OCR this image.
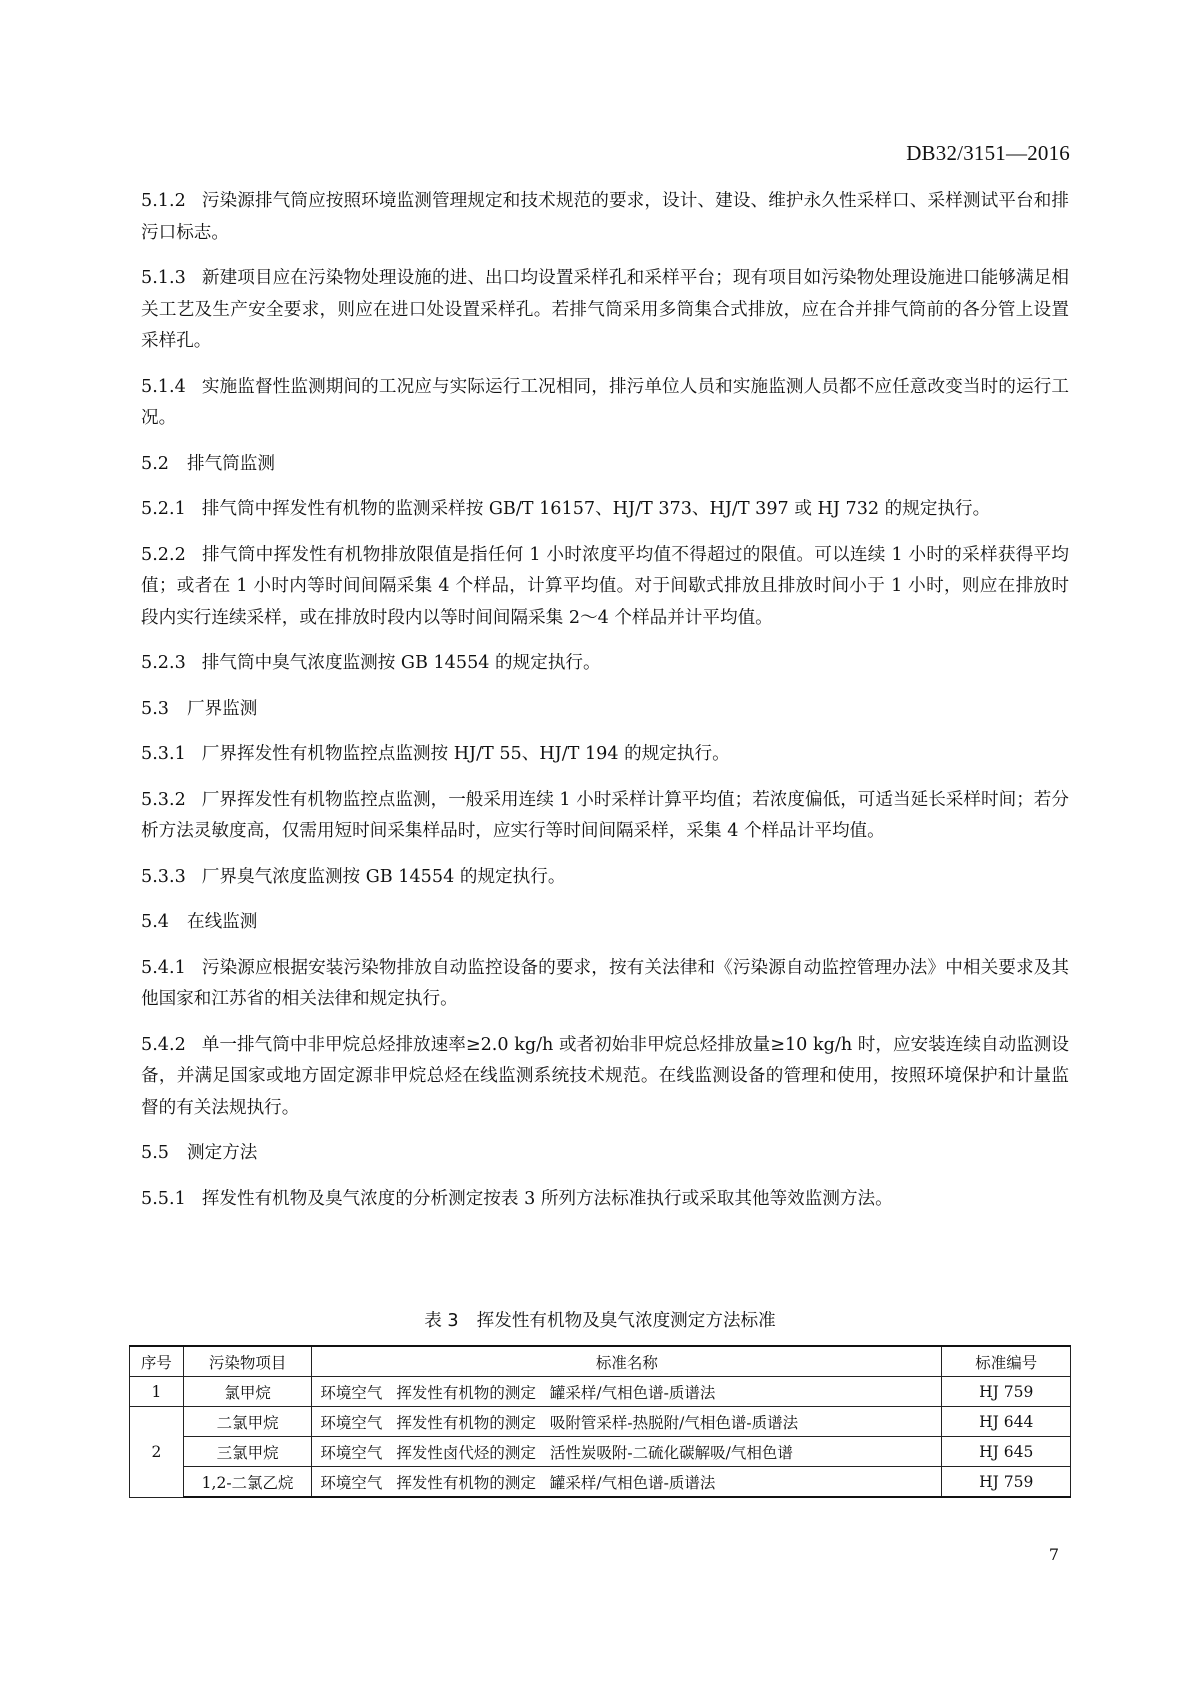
DB32/3151—2016

5.1.2 污染源排气筒应按照环境监测管理规定和技术规范的要求，设计、建设、维护永久性采样口、采样测试平台和排污口标志。

5.1.3 新建项目应在污染物处理设施的进、出口均设置采样孔和采样平台；现有项目如污染物处理设施进口能够满足相关工艺及生产安全要求，则应在进口处设置采样孔。若排气筒采用多筒集合式排放，应在合并排气筒前的各分管上设置采样孔。

5.1.4 实施监督性监测期间的工况应与实际运行工况相同，排污单位人员和实施监测人员都不应任意改变当时的运行工况。

5.2 排气筒监测

5.2.1 排气筒中挥发性有机物的监测采样按 GB/T 16157、HJ/T 373、HJ/T 397 或 HJ 732 的规定执行。

5.2.2 排气筒中挥发性有机物排放限值是指任何 1 小时浓度平均值不得超过的限值。可以连续 1 小时的采样获得平均值；或者在 1 小时内等时间间隔采集 4 个样品，计算平均值。对于间歇式排放且排放时间小于 1 小时，则应在排放时段内实行连续采样，或在排放时段内以等时间间隔采集 2～4 个样品并计平均值。

5.2.3 排气筒中臭气浓度监测按 GB 14554 的规定执行。

5.3 厂界监测

5.3.1 厂界挥发性有机物监控点监测按 HJ/T 55、HJ/T 194 的规定执行。

5.3.2 厂界挥发性有机物监控点监测，一般采用连续 1 小时采样计算平均值；若浓度偏低，可适当延长采样时间；若分析方法灵敏度高，仅需用短时间采集样品时，应实行等时间间隔采样，采集 4 个样品计平均值。

5.3.3 厂界臭气浓度监测按 GB 14554 的规定执行。

5.4 在线监测

5.4.1 污染源应根据安装污染物排放自动监控设备的要求，按有关法律和《污染源自动监控管理办法》中相关要求及其他国家和江苏省的相关法律和规定执行。

5.4.2 单一排气筒中非甲烷总烃排放速率≥2.0 kg/h 或者初始非甲烷总烃排放量≥10 kg/h 时，应安装连续自动监测设备，并满足国家或地方固定源非甲烷总烃在线监测系统技术规范。在线监测设备的管理和使用，按照环境保护和计量监督的有关法规执行。

5.5 测定方法

5.5.1 挥发性有机物及臭气浓度的分析测定按表 3 所列方法标准执行或采取其他等效监测方法。

表 3 挥发性有机物及臭气浓度测定方法标准
序号	污染物项目	标准名称	标准编号
1	氯甲烷	环境空气 挥发性有机物的测定 罐采样/气相色谱-质谱法	HJ 759
2	二氯甲烷	环境空气 挥发性有机物的测定 吸附管采样-热脱附/气相色谱-质谱法	HJ 644
	三氯甲烷	环境空气 挥发性卤代烃的测定 活性炭吸附-二硫化碳解吸/气相色谱	HJ 645
	1,2-二氯乙烷	环境空气 挥发性有机物的测定 罐采样/气相色谱-质谱法	HJ 759
7
